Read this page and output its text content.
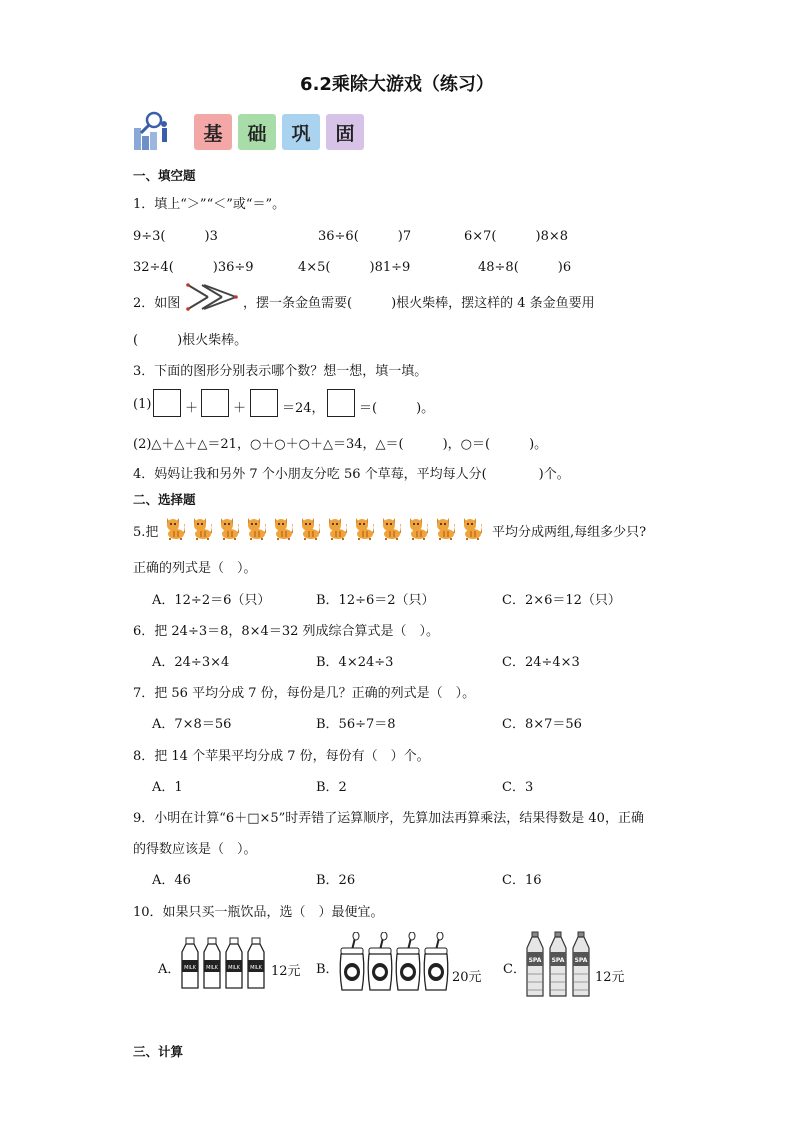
6.2乘除大游戏（练习）
基 础 巩 固
一、填空题
1．填上“＞”“＜”或“＝”。
9÷3(　　　)3	36÷6(　　　)7	6×7(　　　)8×8
32÷4(　　　)36÷9	4×5(　　　)81÷9	48÷8(　　　)6
2．如图	，摆一条金鱼需要(　　　)根火柴棒，摆这样的 4 条金鱼要用
(　　　)根火柴棒。
3．下面的图形分别表示哪个数？想一想，填一填。
(1)	＋	＋	＝24，	＝(　　　)。
(2)△＋△＋△＝21，○＋○＋○＋△＝34，△＝(　　　)，○＝(　　　)。
4．妈妈让我和另外 7 个小朋友分吃 56 个草莓，平均每人分(　　　　)个。
二、选择题
5.把	平均分成两组,每组多少只?
正确的列式是（　）。
A．12÷2＝6（只）	B．12÷6＝2（只）	C．2×6＝12（只）
6．把 24÷3＝8，8×4＝32 列成综合算式是（　）。
A．24÷3×4	B．4×24÷3	C．24÷4×3
7．把 56 平均分成 7 份，每份是几？正确的列式是（　）。
A．7×8＝56	B．56÷7＝8	C．8×7＝56
8．把 14 个苹果平均分成 7 份，每份有（　）个。
A．1	B．2	C．3
9．小明在计算“6＋□×5”时弄错了运算顺序，先算加法再算乘法，结果得数是 40，正确
的得数应该是（　）。
A．46	B．26	C．16
10．如果只买一瓶饮品，选（　）最便宜。
A． MILK MILK MILK MILK 12元 B．
20元
C．
SPA SPA SPA
12元
三、计算
